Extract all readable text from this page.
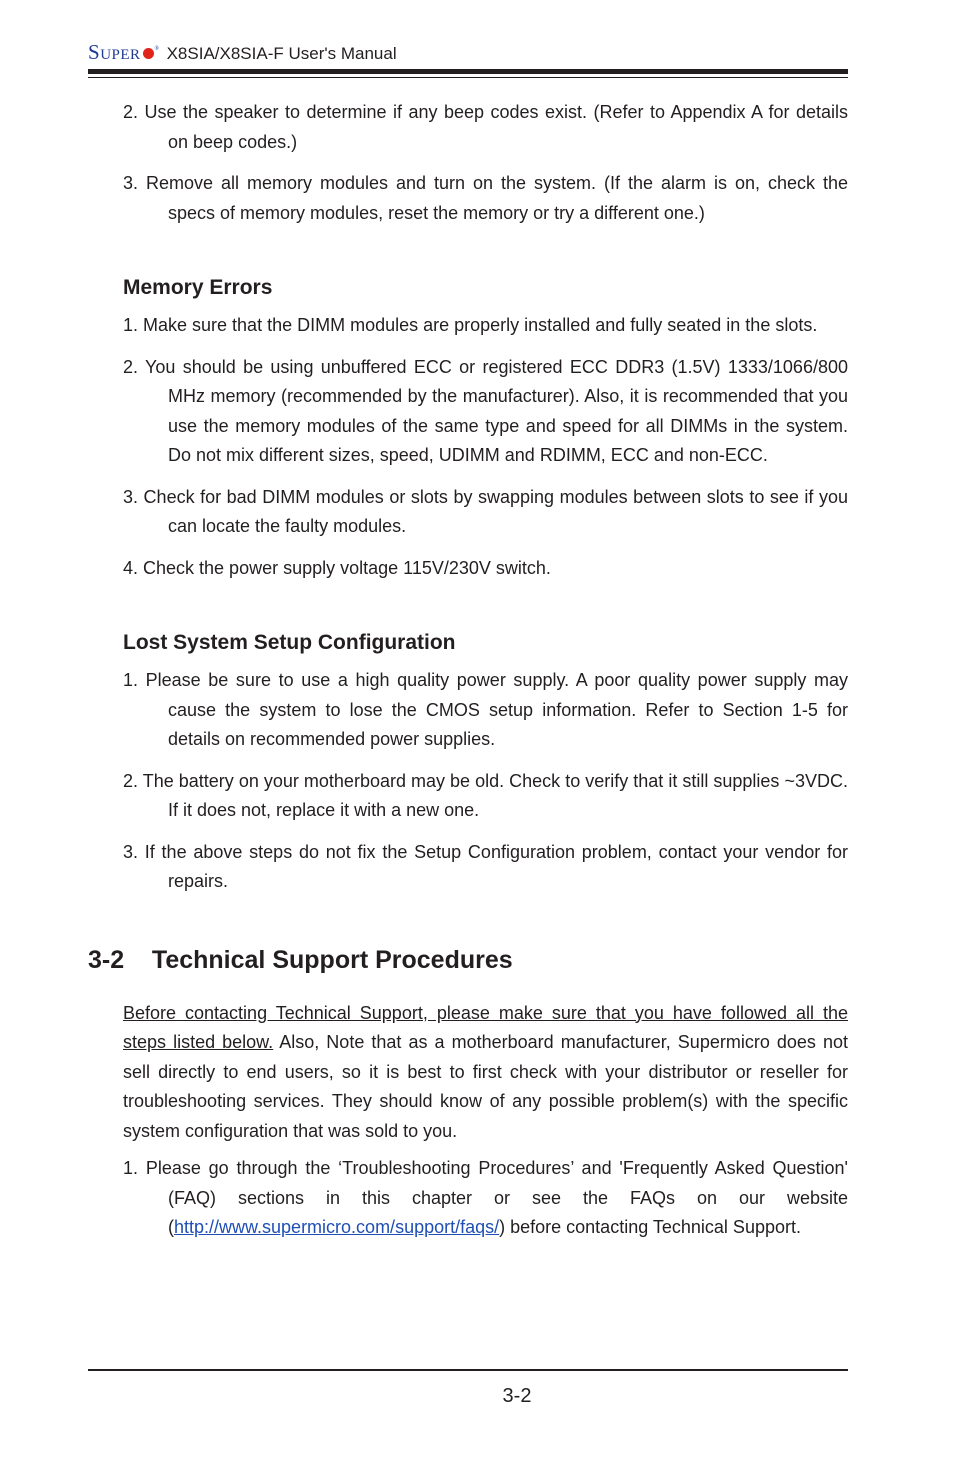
SUPER ® X8SIA/X8SIA-F User's Manual

2. Use the speaker to determine if any beep codes exist. (Refer to Appendix A for details on beep codes.)

3. Remove all memory modules and turn on the system. (If the alarm is on, check the specs of memory modules, reset the memory or try a different one.)

Memory Errors

1. Make sure that the DIMM modules are properly installed and fully seated in the slots.

2. You should be using unbuffered ECC or registered ECC DDR3 (1.5V) 1333/1066/800 MHz memory (recommended by the manufacturer). Also, it is recommended that you use the memory modules of the same type and speed for all DIMMs in the system. Do not mix different sizes, speed, UDIMM and RDIMM, ECC and non-ECC.

3. Check for bad DIMM modules or slots by swapping modules between slots to see if you can locate the faulty modules.

4. Check the power supply voltage 115V/230V switch.

Lost System Setup Configuration

1. Please be sure to use a high quality power supply. A poor quality power supply may cause the system to lose the CMOS setup information. Refer to Section 1-5 for details on recommended power supplies.

2. The battery on your motherboard may be old. Check to verify that it still supplies ~3VDC. If it does not, replace it with a new one.

3. If the above steps do not fix the Setup Configuration problem, contact your vendor for repairs.

3-2    Technical Support Procedures

Before contacting Technical Support, please make sure that you have followed all the steps listed below. Also, Note that as a motherboard manufacturer, Supermicro does not sell directly to end users, so it is best to first check with your distributor or reseller for troubleshooting services. They should know of any possible problem(s) with the specific system configuration that was sold to you.

1. Please go through the ‘Troubleshooting Procedures’ and 'Frequently Asked Question' (FAQ) sections in this chapter or see the FAQs on our website (http://www.supermicro.com/support/faqs/) before contacting Technical Support.

3-2
